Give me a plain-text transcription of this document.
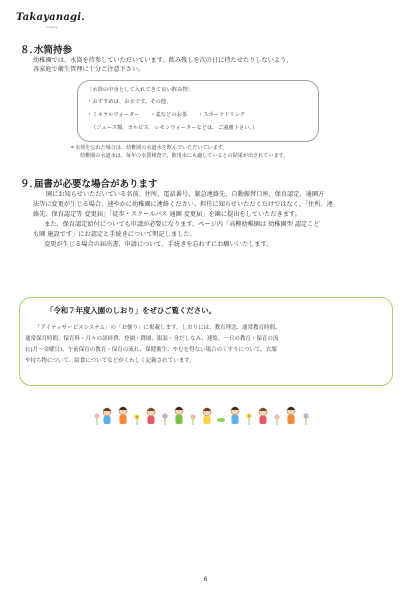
Takayanagi.
nursery
８．水筒持参
幼稚園では、水筒を持参していただいています。飲み残しを次の日に持たせたりしないよう、
各家庭で衛生管理に十分ご注意下さい。
〔水筒の中身として入れてきて良い飲み物〕
・おすすめは、お水です。その他、
・ミネラルウォーター　　・麦などのお茶　　・スポーツドリンク
（ジュース類、カルピス、レモンウォーターなどは、ご遠慮下さい。）
＊水筒を忘れた場合は、幼稚園の水道水を飲んでいただいています。
幼稚園の水道水は、毎年の水質検査で、飲用水にも適しているとの結果が出されています。
９．届書が必要な場合があります
園にお知らせいただいている名前、住所、電話番号、緊急連絡先、自動振替口座、保育認定、通園方
法等に変更が生じる場合、速やかに幼稚園に連絡ください。担任に知らせいただくだけではなく、「住所、連
絡先、保育認定等 変更届」「徒歩・スクールバス 通園 変更届」を園に提出をしていただきます。
　また、保育認定給付についても申請が必要になります。ページ内「高柳幼稚園は 幼稚園型 認定こど
も園 施設です」にお認定と手続きについて明記しました。
　変更が生じる場合の届出書、申請について、手続きを忘れずにお願いいたします。
「令和７年度入園のしおり」をぜひご覧ください。
「アイティサービスシステム」の「お便り」に掲載します。しおりには、教育理念、通常教育時間、
通常保育時間、保育料・月々の諸経費、登園・降園、服装・身だしなみ、連絡、一日の教育・保育の流
れ(月〜金曜日)、午前保育の教育・保育の流れ、保健衛生、やむを得ない場合のくすりについて、衣服
や持ち物について、給食についてなどがくわしく記載されています。
6
